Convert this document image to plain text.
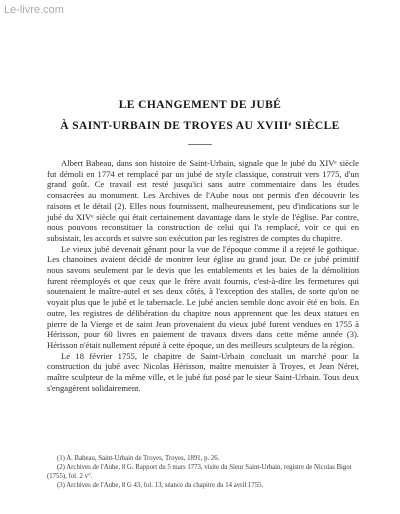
Le-livre.com
LE CHANGEMENT DE JUBÉ
À SAINT-URBAIN DE TROYES AU XVIIIᵉ SIÈCLE

Albert Babeau, dans son histoire de Saint-Urbain, signale que le jubé du XIVᵉ siècle fut démoli en 1774 et remplacé par un jubé de style classique, construit vers 1775, d'un grand goût. Ce travail est resté jusqu'ici sans autre commentaire dans les études consacrées au monument. Les Archives de l'Aube nous ont permis d'en découvrir les raisons et le détail (2). Elles nous fournissent, malheureusement, peu d'indications sur le jubé du XIVᵉ siècle qui était certainement davantage dans le style de l'église. Par contre, nous pouvons reconstituer la construction de celui qui l'a remplacé, voir ce qui en subsistait, les accords et suivre son exécution par les registres de comptes du chapitre.

Le vieux jubé devenait gênant pour la vue de l'époque comme il a rejeté le gothique. Les chanoines avaient décidé de montrer leur église au grand jour. De ce jubé primitif nous savons seulement par le devis que les entablements et les baies de la démolition furent réemployés et que ceux que le frère avait fournis, c'est-à-dire les fermetures qui soutenaient le maître-autel et ses deux côtés, à l'exception des stalles, de sorte qu'on ne voyait plus que le jubé et le tabernacle. Le jubé ancien semble donc avoir été en bois. En outre, les registres de délibération du chapitre nous apprennent que les deux statues en pierre de la Vierge et de saint Jean provenaient du vieux jubé furent vendues en 1755 à Hérisson, pour 60 livres en paiement de travaux divers dans cette même année (3). Hérisson n'était nullement réputé à cette époque, un des meilleurs sculpteurs de la région.

Le 18 février 1755, le chapitre de Saint-Urbain concluait un marché pour la construction du jubé avec Nicolas Hérisson, maître menuisier à Troyes, et Jean Néret, maître sculpteur de la même ville, et le jubé fut posé par le sieur Saint-Urbain. Tous deux s'engagèrent solidairement.

(1) A. Babeau, Saint-Urbain de Troyes, Troyes, 1891, p. 26.

(2) Archives de l'Aube, 8 G. Rapport du 5 mars 1773, visite du Sieur Saint-Urbain, registre de Nicolas Bigot (1755), fol. 2 v°.

(3) Archives de l'Aube, 8 G 43, fol. 13, séance du chapitre du 14 avril 1755.
